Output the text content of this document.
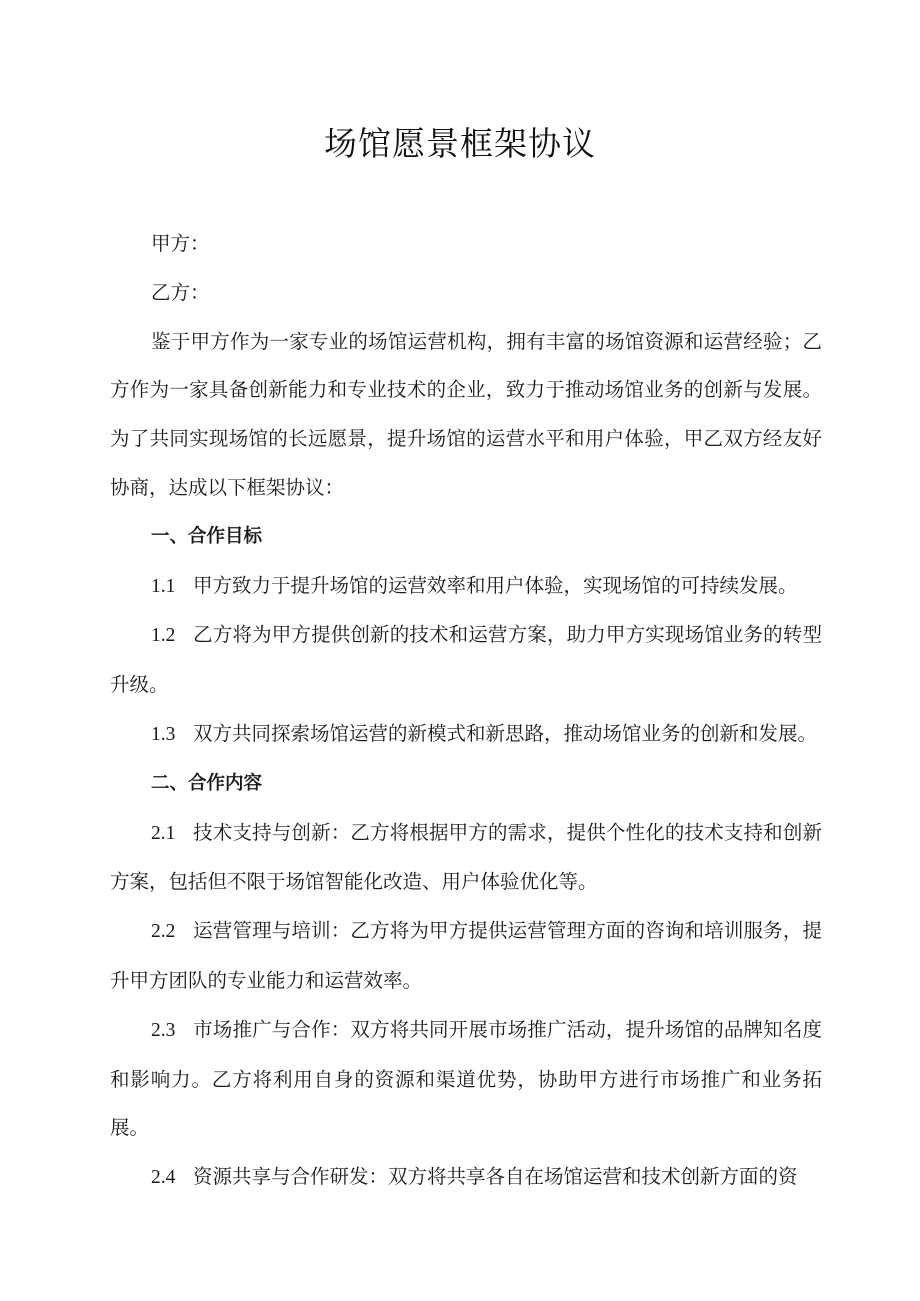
场馆愿景框架协议

甲方：

乙方：

鉴于甲方作为一家专业的场馆运营机构，拥有丰富的场馆资源和运营经验；乙方作为一家具备创新能力和专业技术的企业，致力于推动场馆业务的创新与发展。为了共同实现场馆的长远愿景，提升场馆的运营水平和用户体验，甲乙双方经友好协商，达成以下框架协议：

一、合作目标

1.1 甲方致力于提升场馆的运营效率和用户体验，实现场馆的可持续发展。

1.2 乙方将为甲方提供创新的技术和运营方案，助力甲方实现场馆业务的转型升级。

1.3 双方共同探索场馆运营的新模式和新思路，推动场馆业务的创新和发展。

二、合作内容

2.1 技术支持与创新：乙方将根据甲方的需求，提供个性化的技术支持和创新方案，包括但不限于场馆智能化改造、用户体验优化等。

2.2 运营管理与培训：乙方将为甲方提供运营管理方面的咨询和培训服务，提升甲方团队的专业能力和运营效率。

2.3 市场推广与合作：双方将共同开展市场推广活动，提升场馆的品牌知名度和影响力。乙方将利用自身的资源和渠道优势，协助甲方进行市场推广和业务拓展。

2.4 资源共享与合作研发：双方将共享各自在场馆运营和技术创新方面的资
